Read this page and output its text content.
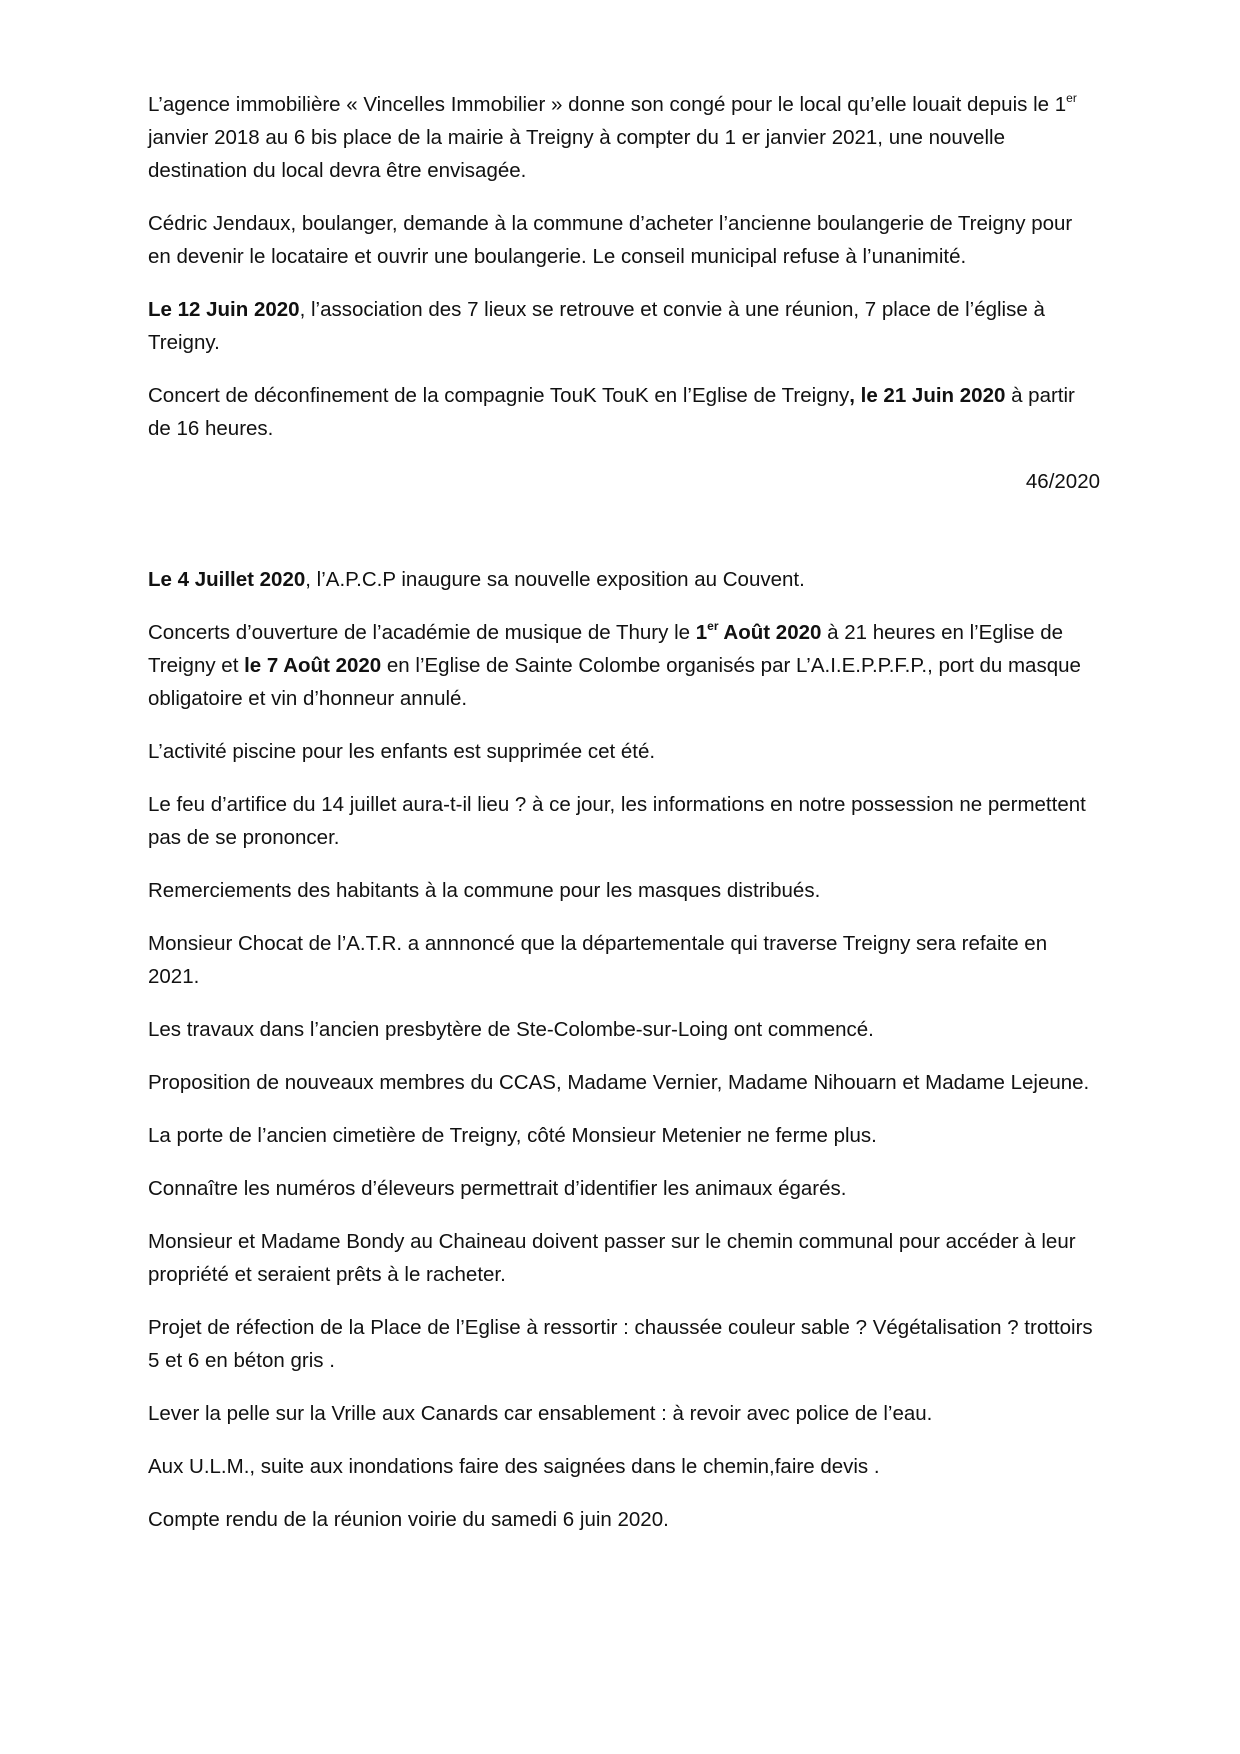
L’agence immobilière « Vincelles Immobilier » donne son congé pour le local qu’elle louait depuis le 1er janvier 2018 au 6 bis place de la mairie à Treigny à compter du 1 er janvier 2021, une nouvelle destination du local devra être envisagée.

Cédric Jendaux, boulanger, demande à la commune d’acheter l’ancienne boulangerie de Treigny pour en devenir le locataire et ouvrir une boulangerie. Le conseil municipal refuse à l’unanimité.

Le 12 Juin 2020, l’association des 7 lieux se retrouve et convie à une réunion, 7 place de l’église à Treigny.

Concert de déconfinement de la compagnie TouK TouK en l’Eglise de Treigny, le 21 Juin 2020 à partir de 16 heures.

46/2020

Le 4 Juillet 2020, l’A.P.C.P inaugure sa nouvelle exposition au Couvent.

Concerts d’ouverture de l’académie de musique de Thury le 1er Août 2020 à 21 heures en l’Eglise de Treigny et le 7 Août 2020 en l’Eglise de Sainte Colombe organisés par L’A.I.E.P.P.F.P., port du masque obligatoire et vin d’honneur annulé.

L’activité piscine pour les enfants est supprimée cet été.

Le feu d’artifice du 14 juillet aura-t-il lieu ? à ce jour, les informations en notre possession ne permettent pas de se prononcer.

Remerciements des habitants à la commune pour les masques distribués.

Monsieur Chocat de l’A.T.R. a annnoncé que la départementale qui traverse Treigny sera refaite en 2021.

Les travaux dans l’ancien presbytère de Ste-Colombe-sur-Loing ont commencé.

Proposition de nouveaux membres du CCAS, Madame Vernier, Madame Nihouarn et Madame Lejeune.

La porte de l’ancien cimetière de Treigny, côté Monsieur Metenier ne ferme plus.

Connaître les numéros d’éleveurs permettrait d’identifier les animaux égarés.

Monsieur et Madame Bondy au Chaineau doivent passer sur le chemin communal pour accéder à leur propriété et seraient prêts à le racheter.

Projet de réfection de la Place de l’Eglise à ressortir : chaussée couleur sable ? Végétalisation ? trottoirs 5 et 6 en béton gris .

Lever la pelle sur la Vrille aux Canards car ensablement : à revoir avec police de l’eau.

Aux U.L.M., suite aux inondations faire des saignées dans le chemin,faire devis .

Compte rendu de la réunion voirie du samedi 6 juin 2020.
